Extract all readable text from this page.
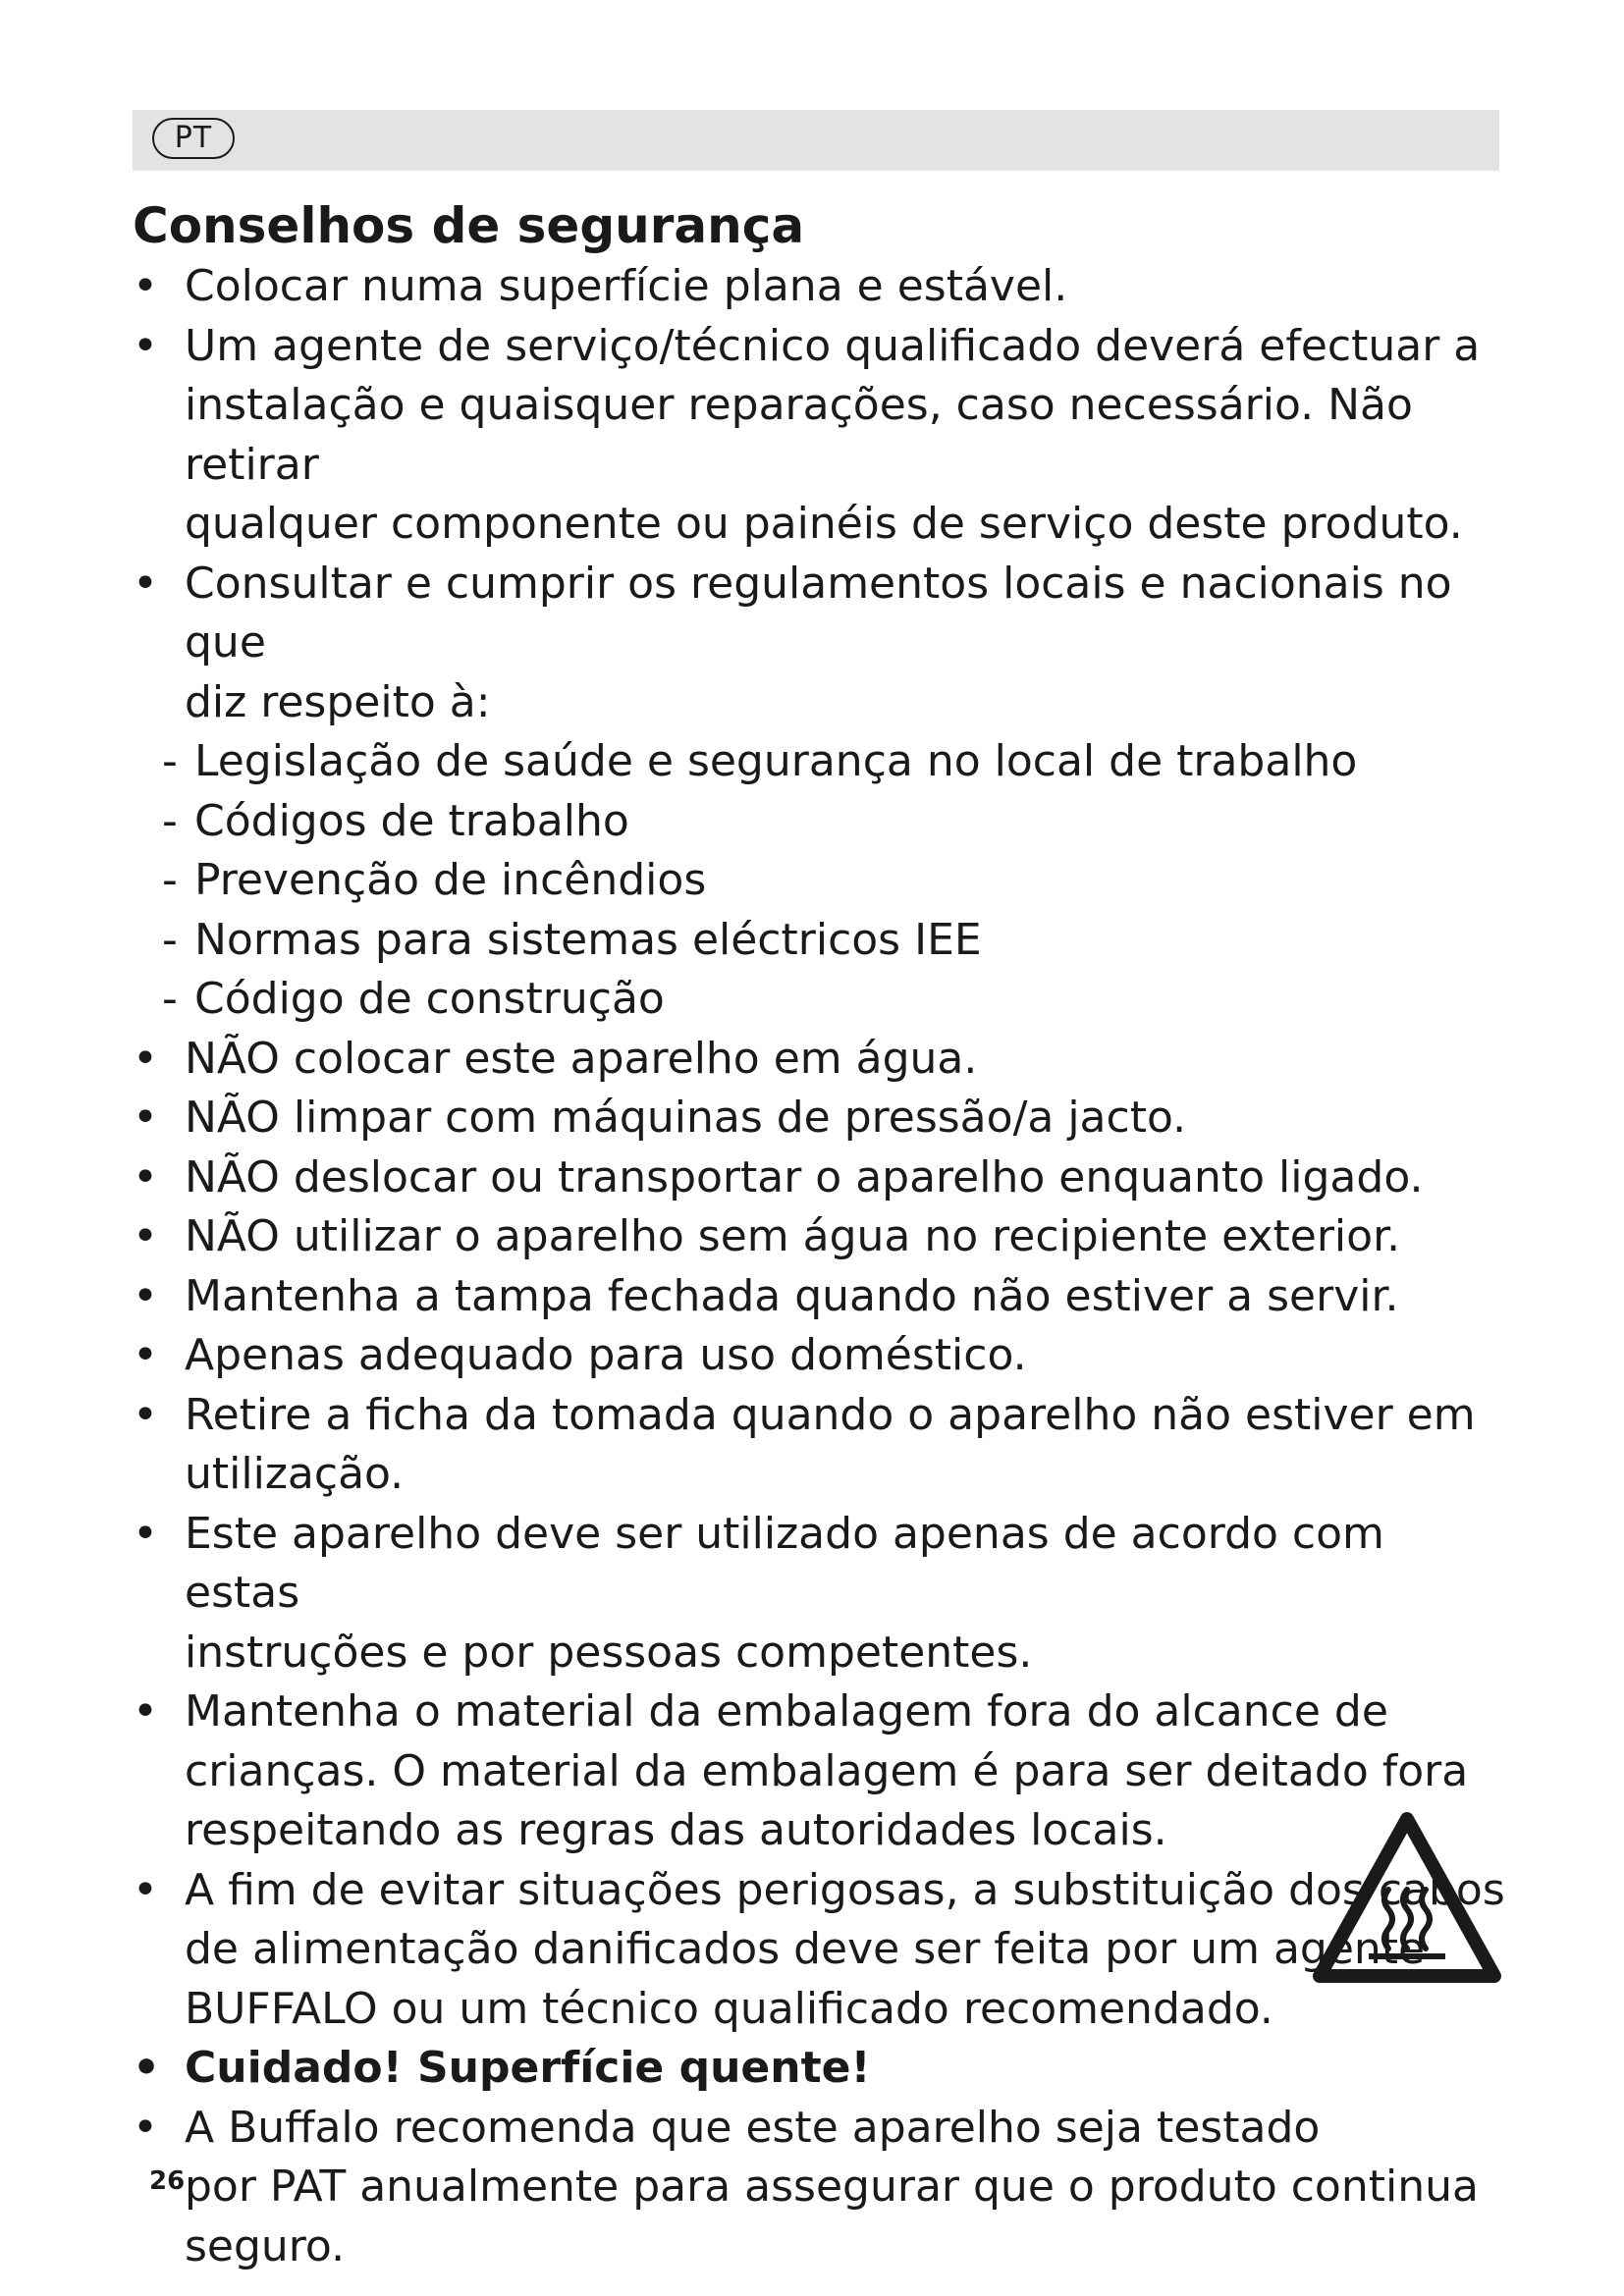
PT
Conselhos de segurança

• Colocar numa superfície plana e estável.

• Um agente de serviço/técnico qualificado deverá efectuar a
instalação e quaisquer reparações, caso necessário. Não retirar
qualquer componente ou painéis de serviço deste produto.

• Consultar e cumprir os regulamentos locais e nacionais no que
diz respeito à:

- Legislação de saúde e segurança no local de trabalho

- Códigos de trabalho

- Prevenção de incêndios

- Normas para sistemas eléctricos IEE

- Código de construção

• NÃO colocar este aparelho em água.

• NÃO limpar com máquinas de pressão/a jacto.

• NÃO deslocar ou transportar o aparelho enquanto ligado.

• NÃO utilizar o aparelho sem água no recipiente exterior.

• Mantenha a tampa fechada quando não estiver a servir.

• Apenas adequado para uso doméstico.

• Retire a ficha da tomada quando o aparelho não estiver em
utilização.

• Este aparelho deve ser utilizado apenas de acordo com estas
instruções e por pessoas competentes.

• Mantenha o material da embalagem fora do alcance de
crianças. O material da embalagem é para ser deitado fora
respeitando as regras das autoridades locais.

• A fim de evitar situações perigosas, a substituição dos cabos
de alimentação danificados deve ser feita por um agente
BUFFALO ou um técnico qualificado recomendado.

• Cuidado! Superfície quente!

• A Buffalo recomenda que este aparelho seja testado
por PAT anualmente para assegurar que o produto continua
seguro.

26
